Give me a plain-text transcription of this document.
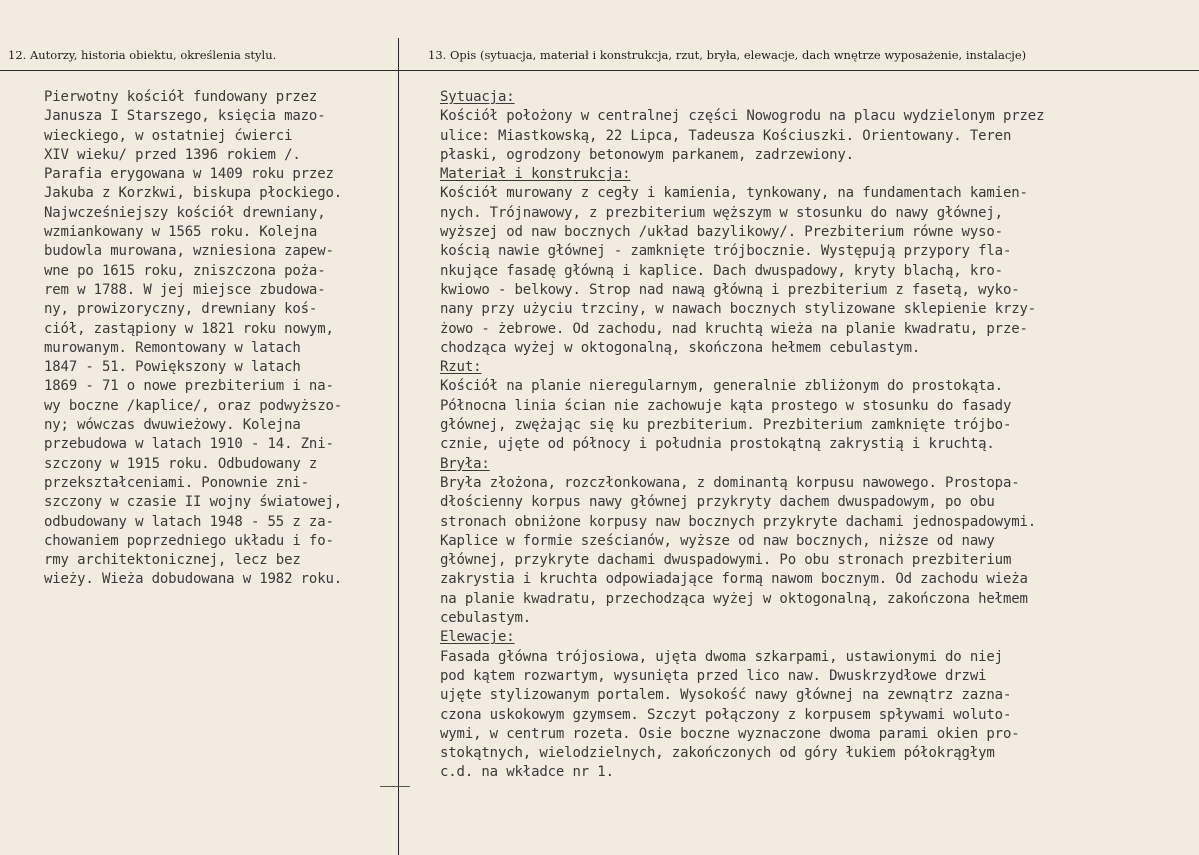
12. Autorzy, historia obiektu, określenia stylu.	13. Opis (sytuacja, materiał i konstrukcja, rzut, bryła, elewacje, dach wnętrze wyposażenie, instalacje)
Pierwotny kościół fundowany przez
Janusza I Starszego, księcia mazo-
wieckiego, w ostatniej ćwierci
XIV wieku/ przed 1396 rokiem /.
Parafia erygowana w 1409 roku przez
Jakuba z Korzkwi, biskupa płockiego.
Najwcześniejszy kościół drewniany,
wzmiankowany w 1565 roku. Kolejna
budowla murowana, wzniesiona zapew-
wne po 1615 roku, zniszczona poża-
rem w 1788. W jej miejsce zbudowa-
ny, prowizoryczny, drewniany koś-
ciół, zastąpiony w 1821 roku nowym,
murowanym. Remontowany w latach
1847 - 51. Powiększony w latach
1869 - 71 o nowe prezbiterium i na-
wy boczne /kaplice/, oraz podwyższo-
ny; wówczas dwuwieżowy. Kolejna
przebudowa w latach 1910 - 14. Zni-
szczony w 1915 roku. Odbudowany z
przekształceniami. Ponownie zni-
szczony w czasie II wojny światowej,
odbudowany w latach 1948 - 55 z za-
chowaniem poprzedniego układu i fo-
rmy architektonicznej, lecz bez
wieży. Wieża dobudowana w 1982 roku.
Sytuacja:
Kościół położony w centralnej części Nowogrodu na placu wydzielonym przez
ulice: Miastkowską, 22 Lipca, Tadeusza Kościuszki. Orientowany. Teren
płaski, ogrodzony betonowym parkanem, zadrzewiony.
Materiał i konstrukcja:
Kościół murowany z cegły i kamienia, tynkowany, na fundamentach kamien-
nych. Trójnawowy, z prezbiterium węższym w stosunku do nawy głównej,
wyższej od naw bocznych /układ bazylikowy/. Prezbiterium równe wyso-
kością nawie głównej - zamknięte trójbocznie. Występują przypory fla-
nkujące fasadę główną i kaplice. Dach dwuspadowy, kryty blachą, kro-
kwiowo - belkowy. Strop nad nawą główną i prezbiterium z fasetą, wyko-
nany przy użyciu trzciny, w nawach bocznych stylizowane sklepienie krzy-
żowo - żebrowe. Od zachodu, nad kruchtą wieża na planie kwadratu, prze-
chodząca wyżej w oktogonalną, skończona hełmem cebulastym.
Rzut:
Kościół na planie nieregularnym, generalnie zbliżonym do prostokąta.
Północna linia ścian nie zachowuje kąta prostego w stosunku do fasady
głównej, zwężając się ku prezbiterium. Prezbiterium zamknięte trójbo-
cznie, ujęte od północy i południa prostokątną zakrystią i kruchtą.
Bryła:
Bryła złożona, rozczłonkowana, z dominantą korpusu nawowego. Prostopa-
dłościenny korpus nawy głównej przykryty dachem dwuspadowym, po obu
stronach obniżone korpusy naw bocznych przykryte dachami jednospadowymi.
Kaplice w formie sześcianów, wyższe od naw bocznych, niższe od nawy
głównej, przykryte dachami dwuspadowymi. Po obu stronach prezbiterium
zakrystia i kruchta odpowiadające formą nawom bocznym. Od zachodu wieża
na planie kwadratu, przechodząca wyżej w oktogonalną, zakończona hełmem
cebulastym.
Elewacje:
Fasada główna trójosiowa, ujęta dwoma szkarpami, ustawionymi do niej
pod kątem rozwartym, wysunięta przed lico naw. Dwuskrzydłowe drzwi
ujęte stylizowanym portalem. Wysokość nawy głównej na zewnątrz zazna-
czona uskokowym gzymsem. Szczyt połączony z korpusem spływami woluto-
wymi, w centrum rozeta. Osie boczne wyznaczone dwoma parami okien pro-
stokątnych, wielodzielnych, zakończonych od góry łukiem półokrągłym
c.d. na wkładce nr 1.
